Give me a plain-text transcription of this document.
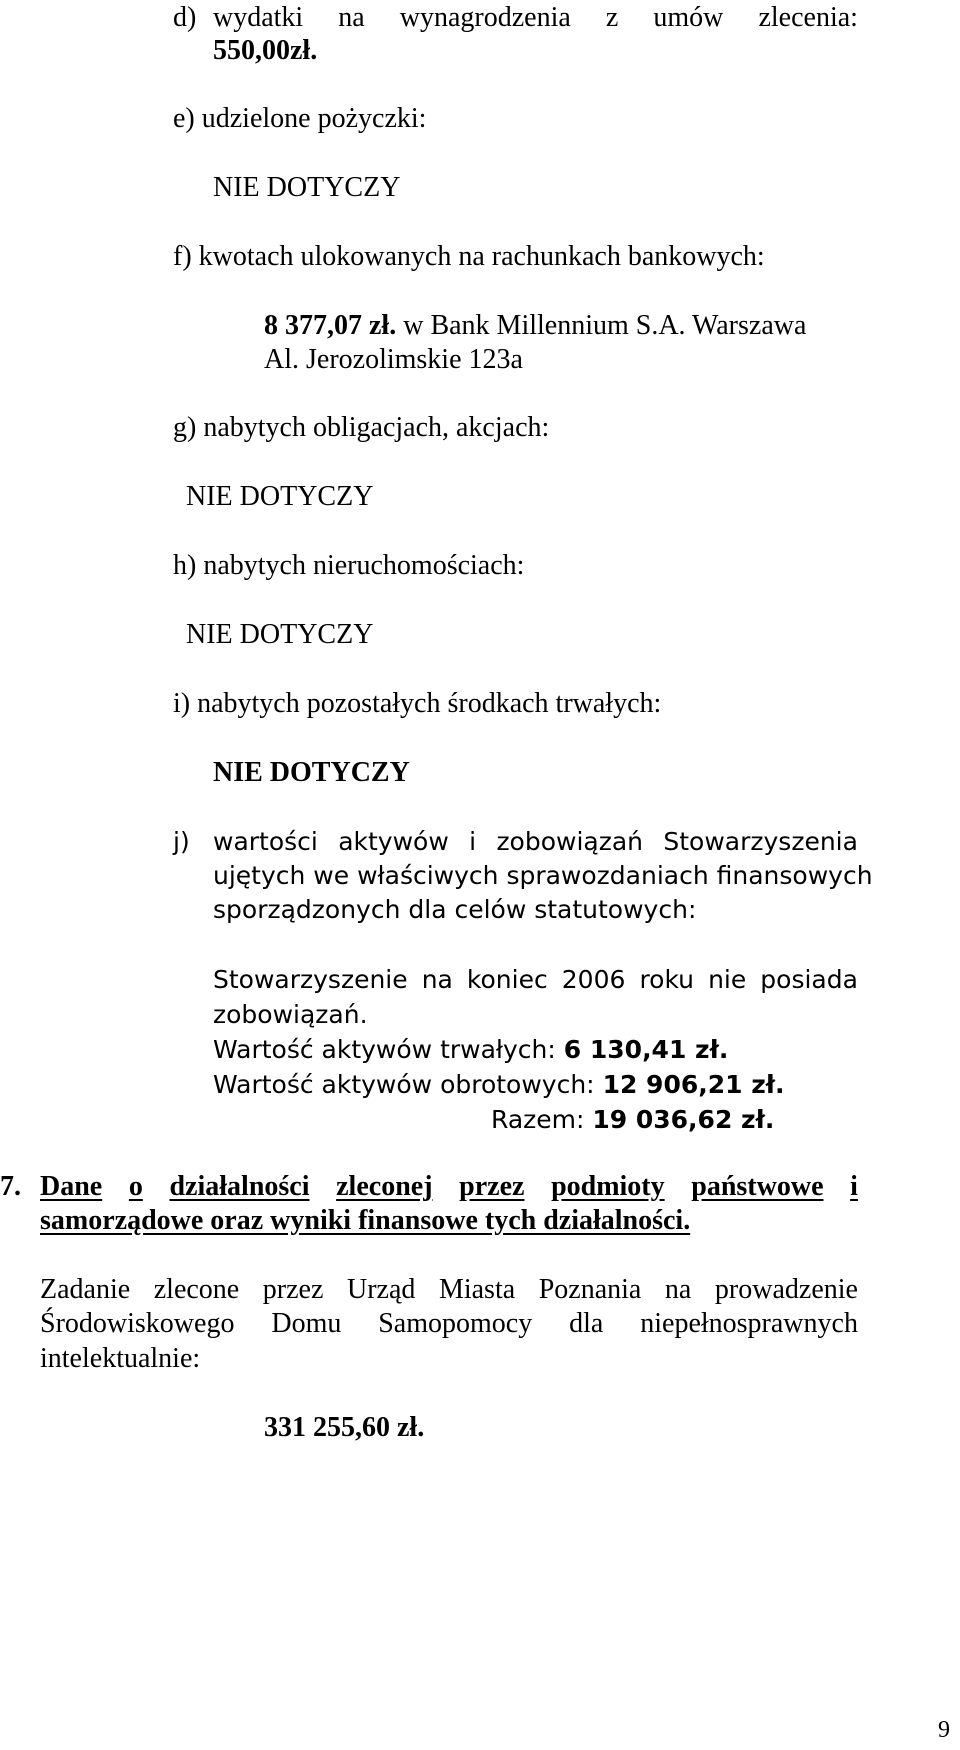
d) wydatki na wynagrodzenia z umów zlecenia:
550,00zł.
e) udzielone pożyczki:
NIE DOTYCZY
f) kwotach ulokowanych na rachunkach bankowych:
8 377,07 zł. w Bank Millennium S.A. Warszawa
Al. Jerozolimskie 123a
g) nabytych obligacjach, akcjach:
NIE DOTYCZY
h) nabytych nieruchomościach:
NIE DOTYCZY
i) nabytych pozostałych środkach trwałych:
NIE DOTYCZY
j) wartości aktywów i zobowiązań Stowarzyszenia
ujętych we właściwych sprawozdaniach finansowych
sporządzonych dla celów statutowych:
Stowarzyszenie na koniec 2006 roku nie posiada
zobowiązań.
Wartość aktywów trwałych: 6 130,41 zł.
Wartość aktywów obrotowych: 12 906,21 zł.
Razem: 19 036,62 zł.
7. Dane o działalności zleconej przez podmioty państwowe i
samorządowe oraz wyniki finansowe tych działalności.
Zadanie zlecone przez Urząd Miasta Poznania na prowadzenie
Środowiskowego Domu Samopomocy dla niepełnosprawnych
intelektualnie:
331 255,60 zł.
9
